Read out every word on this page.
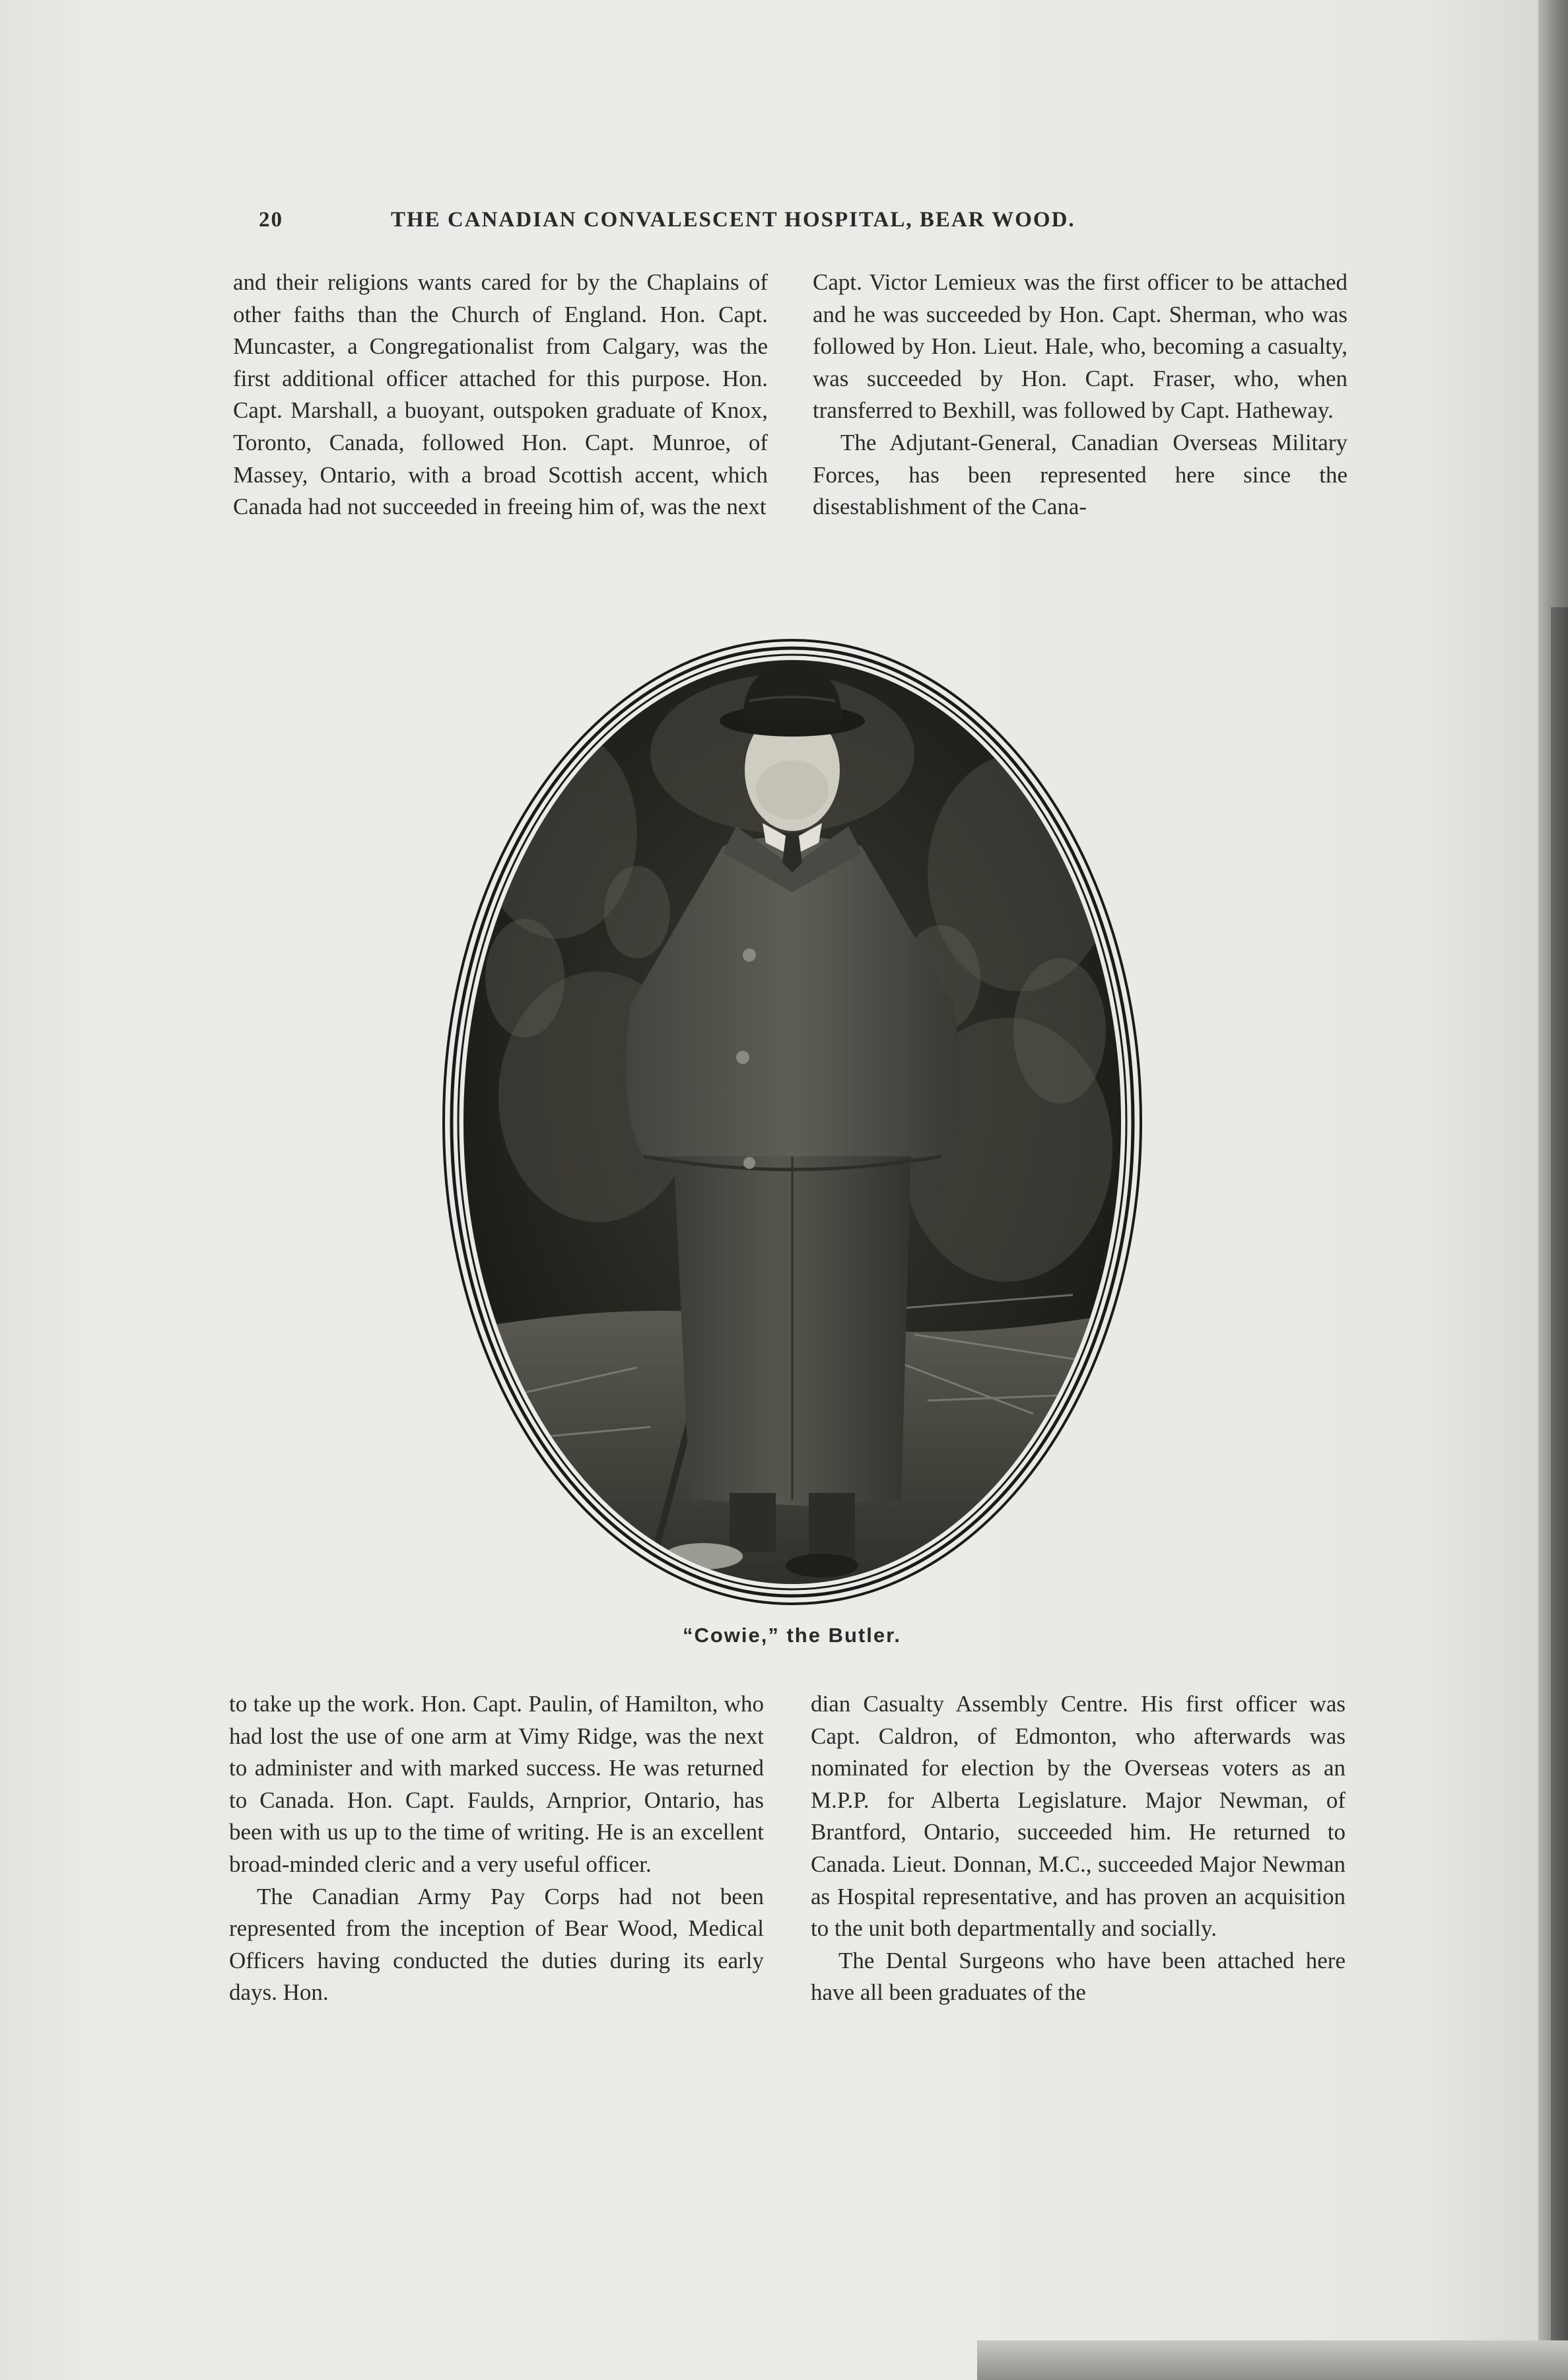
20	THE CANADIAN CONVALESCENT HOSPITAL, BEAR WOOD.

and their religions wants cared for by the Chaplains of other faiths than the Church of England. Hon. Capt. Muncaster, a Congregationalist from Calgary, was the first additional officer attached for this purpose. Hon. Capt. Marshall, a buoyant, outspoken graduate of Knox, Toronto, Canada, followed Hon. Capt. Munroe, of Massey, Ontario, with a broad Scottish accent, which Canada had not succeeded in freeing him of, was the next

Capt. Victor Lemieux was the first officer to be attached and he was succeeded by Hon. Capt. Sherman, who was followed by Hon. Lieut. Hale, who, becoming a casualty, was succeeded by Hon. Capt. Fraser, who, when transferred to Bexhill, was followed by Capt. Hatheway.

The Adjutant-General, Canadian Overseas Military Forces, has been represented here since the disestablishment of the Cana-

“Cowie,” the Butler.

to take up the work. Hon. Capt. Paulin, of Hamilton, who had lost the use of one arm at Vimy Ridge, was the next to administer and with marked success. He was returned to Canada. Hon. Capt. Faulds, Arnprior, Ontario, has been with us up to the time of writing. He is an excellent broad-minded cleric and a very useful officer.

The Canadian Army Pay Corps had not been represented from the inception of Bear Wood, Medical Officers having conducted the duties during its early days. Hon.

dian Casualty Assembly Centre. His first officer was Capt. Caldron, of Edmonton, who afterwards was nominated for election by the Overseas voters as an M.P.P. for Alberta Legislature. Major Newman, of Brantford, Ontario, succeeded him. He returned to Canada. Lieut. Donnan, M.C., succeeded Major Newman as Hospital representative, and has proven an acquisition to the unit both departmentally and socially.

The Dental Surgeons who have been attached here have all been graduates of the
